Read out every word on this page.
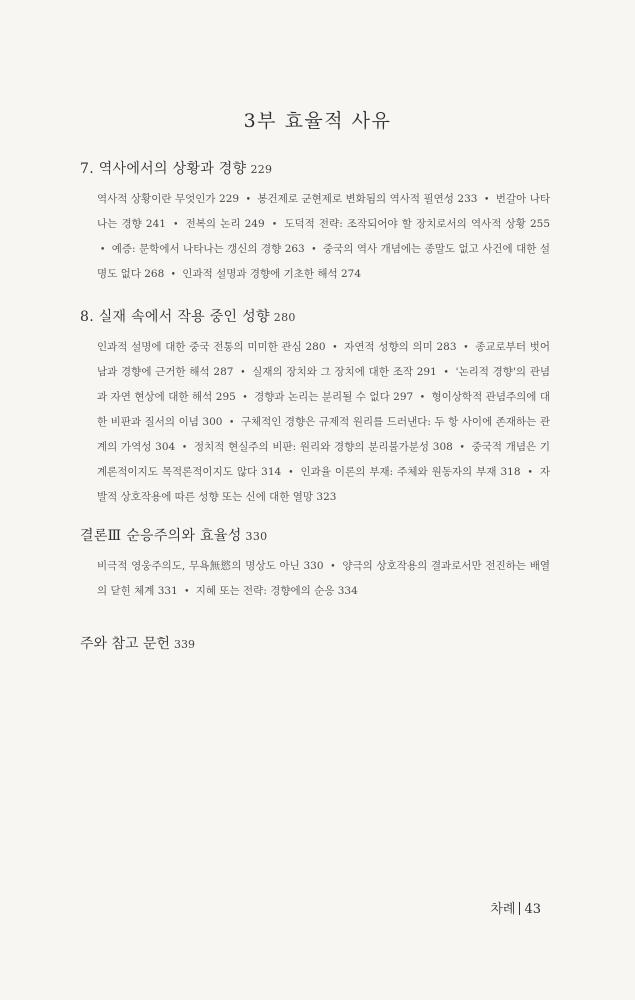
3부 효율적 사유
7. 역사에서의 상황과 경향 229
역사적 상황이란 무엇인가 229 • 봉건제로 군현제로 변화됨의 역사적 필연성 233 • 번갈아 나타나는 경향 241 • 전복의 논리 249 • 도덕적 전략: 조작되어야 할 장치로서의 역사적 상황 255 • 예증: 문학에서 나타나는 갱신의 경향 263 • 중국의 역사 개념에는 종말도 없고 사건에 대한 설명도 없다 268 • 인과적 설명과 경향에 기초한 해석 274
8. 실재 속에서 작용 중인 성향 280
인과적 설명에 대한 중국 전통의 미미한 관심 280 • 자연적 성향의 의미 283 • 종교로부터 벗어남과 경향에 근거한 해석 287 • 실재의 장치와 그 장치에 대한 조작 291 • '논리적 경향'의 관념과 자연 현상에 대한 해석 295 • 경향과 논리는 분리될 수 없다 297 • 형이상학적 관념주의에 대한 비판과 질서의 이념 300 • 구체적인 경향은 규제적 원리를 드러낸다: 두 항 사이에 존재하는 관계의 가역성 304 • 정치적 현실주의 비판: 원리와 경향의 분리불가분성 308 • 중국적 개념은 기계론적이지도 목적론적이지도 않다 314 • 인과율 이론의 부재: 주체와 원동자의 부재 318 • 자발적 상호작용에 따른 성향 또는 신에 대한 열망 323
결론Ⅲ 순응주의와 효율성 330
비극적 영웅주의도, 무욕無慾의 명상도 아닌 330 • 양극의 상호작용의 결과로서만 전진하는 배열의 닫힌 체계 331 • 지혜 또는 전략: 경향에의 순응 334
주와 참고 문헌 339
차례 43
